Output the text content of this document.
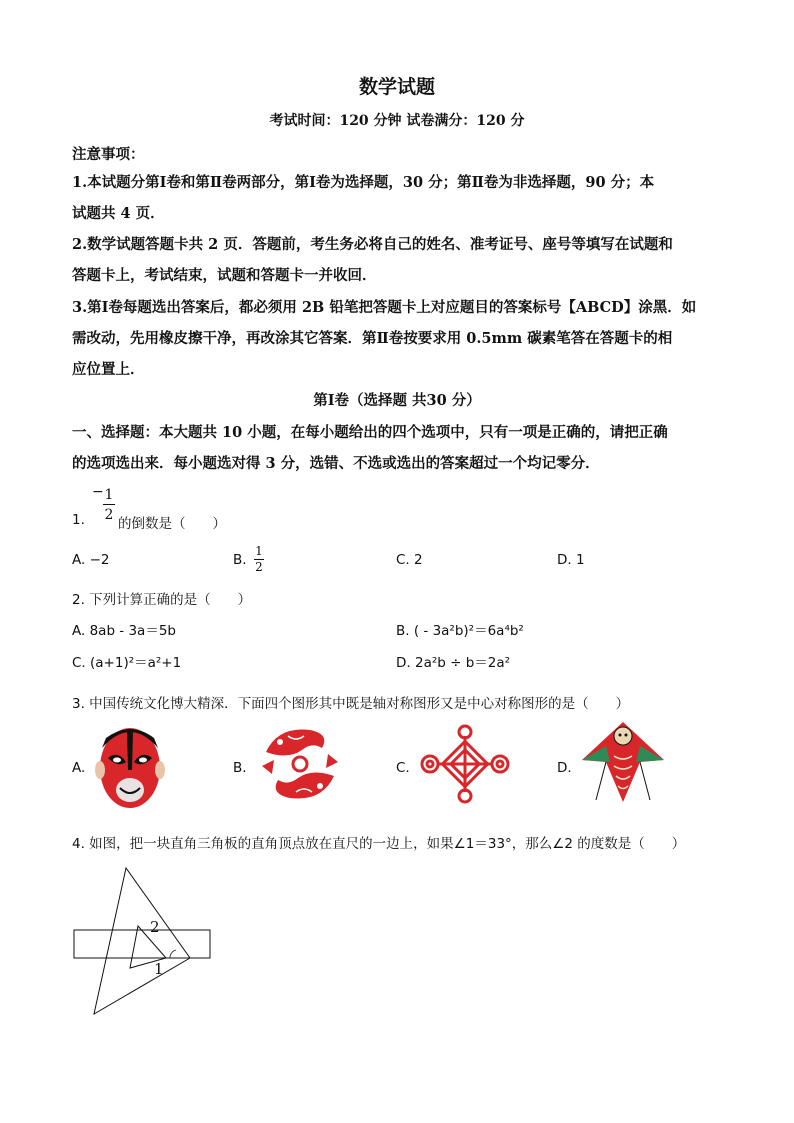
数学试题
考试时间：120 分钟 试卷满分：120 分
注意事项：
1.本试题分第Ⅰ卷和第Ⅱ卷两部分，第Ⅰ卷为选择题，30 分；第Ⅱ卷为非选择题，90 分；本
试题共 4 页．
2.数学试题答题卡共 2 页．答题前，考生务必将自己的姓名、准考证号、座号等填写在试题和
答题卡上，考试结束，试题和答题卡一并收回．
3.第Ⅰ卷每题选出答案后，都必须用 2B 铅笔把答题卡上对应题目的答案标号【ABCD】涂黑．如
需改动，先用橡皮擦干净，再改涂其它答案．第Ⅱ卷按要求用 0.5mm 碳素笔答在答题卡的相
应位置上．
第Ⅰ卷（选择题 共30 分）
一、选择题：本大题共 10 小题，在每小题给出的四个选项中，只有一项是正确的，请把正确
的选项选出来．每小题选对得 3 分，选错、不选或选出的答案超过一个均记零分．
1.
− 1
2
的倒数是（　　）
A. −2	B.
1
2	C. 2	D. 1
2. 下列计算正确的是（　　）
A. 8ab - 3a＝5b	B. ( - 3a²b)²＝6a⁴b²
C. (a+1)²＝a²+1	D. 2a²b ÷ b＝2a²
3. 中国传统文化博大精深．下面四个图形其中既是轴对称图形又是中心对称图形的是（　　）
A.	B.	C.	D.
4. 如图，把一块直角三角板的直角顶点放在直尺的一边上，如果∠1＝33°，那么∠2 的度数是（　　）
2
1
